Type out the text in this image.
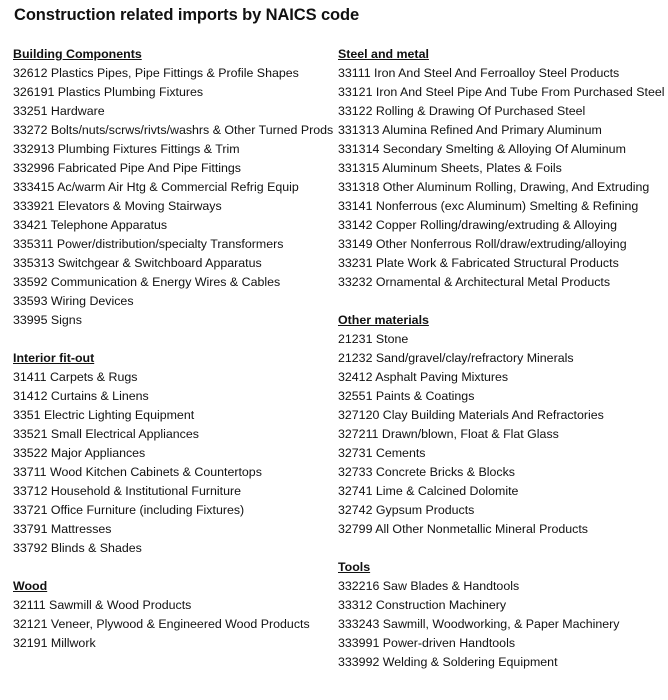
Construction related imports by NAICS code
Building Components
32612 Plastics Pipes, Pipe Fittings & Profile Shapes
326191 Plastics Plumbing Fixtures
33251 Hardware
33272 Bolts/nuts/scrws/rivts/washrs & Other Turned Prods
332913 Plumbing Fixtures Fittings & Trim
332996 Fabricated Pipe And Pipe Fittings
333415 Ac/warm Air Htg & Commercial Refrig Equip
333921 Elevators & Moving Stairways
33421 Telephone Apparatus
335311 Power/distribution/specialty Transformers
335313 Switchgear & Switchboard Apparatus
33592 Communication & Energy Wires & Cables
33593 Wiring Devices
33995 Signs
Interior fit-out
31411 Carpets & Rugs
31412 Curtains & Linens
3351 Electric Lighting Equipment
33521 Small Electrical Appliances
33522 Major Appliances
33711 Wood Kitchen Cabinets & Countertops
33712 Household & Institutional Furniture
33721 Office Furniture (including Fixtures)
33791 Mattresses
33792 Blinds & Shades
Wood
32111 Sawmill & Wood Products
32121 Veneer, Plywood & Engineered Wood Products
32191 Millwork
Steel and metal
33111 Iron And Steel And Ferroalloy Steel Products
33121 Iron And Steel Pipe And Tube From Purchased Steel
33122 Rolling & Drawing Of Purchased Steel
331313 Alumina Refined And Primary Aluminum
331314 Secondary Smelting & Alloying Of Aluminum
331315 Aluminum Sheets, Plates & Foils
331318 Other Aluminum Rolling, Drawing, And Extruding
33141 Nonferrous (exc Aluminum) Smelting & Refining
33142 Copper Rolling/drawing/extruding & Alloying
33149 Other Nonferrous Roll/draw/extruding/alloying
33231 Plate Work & Fabricated Structural Products
33232 Ornamental & Architectural Metal Products
Other materials
21231 Stone
21232 Sand/gravel/clay/refractory Minerals
32412 Asphalt Paving Mixtures
32551 Paints & Coatings
327120 Clay Building Materials And Refractories
327211 Drawn/blown, Float & Flat Glass
32731 Cements
32733 Concrete Bricks & Blocks
32741 Lime & Calcined Dolomite
32742 Gypsum Products
32799 All Other Nonmetallic Mineral Products
Tools
332216 Saw Blades & Handtools
33312 Construction Machinery
333243 Sawmill, Woodworking, & Paper Machinery
333991 Power-driven Handtools
333992 Welding & Soldering Equipment
